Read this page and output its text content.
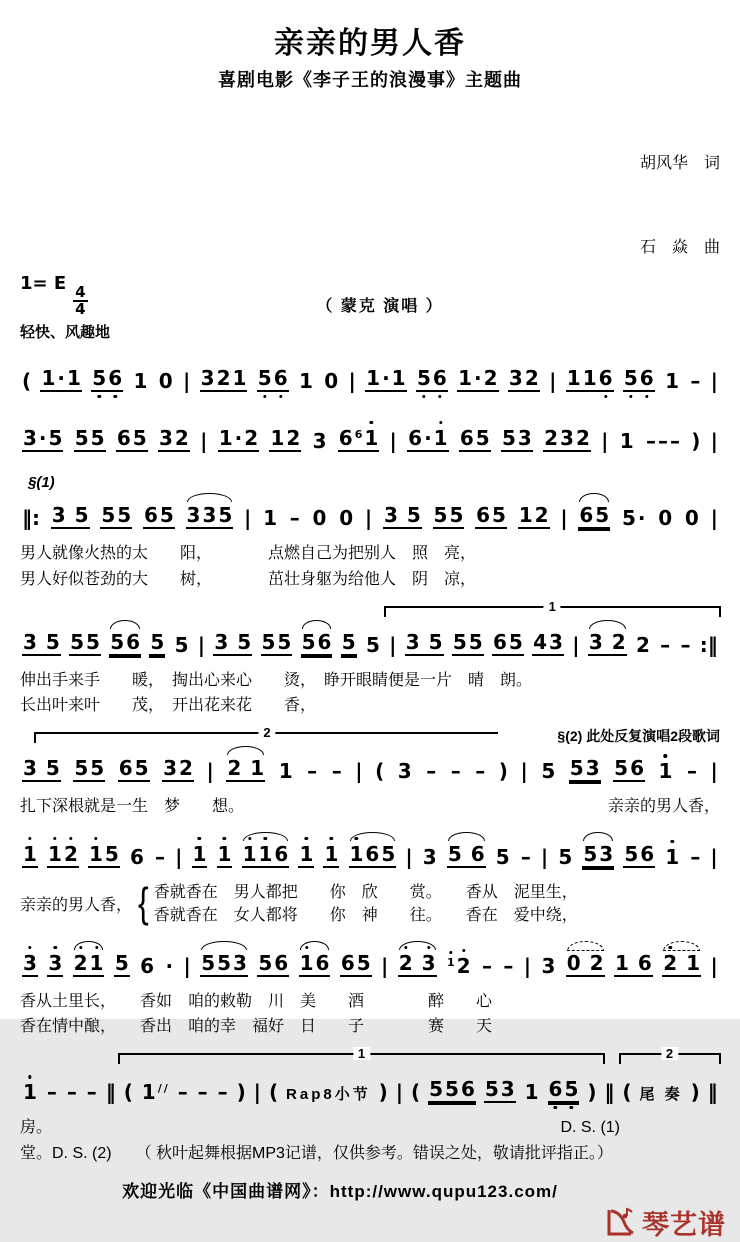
亲亲的男人香
喜剧电影《李子王的浪漫事》主题曲
1= E
$\frac{4}{4}$	（ 蒙克 演唱 ）

胡风华　词

石　焱　曲

轻快、风趣地
( 1 · 1 5 6 1 0 | 3 2 1 5 6 1 0 | 1 · 1 5 6 1 · 2 3 2 | 1 1 6 5 6 1 – |
3 · 5 5 5 6 5 3 2 | 1 · 2 1 2 3 6 6 1 | 6 · 1 6 5 5 3 2 3 2 | 1 – – – ) |
§(1)
‖: 3 5 5 5 6 5 3 3 5 | 1 – 0 0 | 3 5 5 5 6 5 1 2 | 6 5 5 · 0 0 |
男人就像火热的太　　阳，　　　　点燃自己为把别人　照　亮，
男人好似苍劲的大　　树，　　　　茁壮身躯为给他人　阴　凉，
1
3 5 5 5 5 6 5 5 | 3 5 5 5 5 6 5 5 | 3 5 5 5 6 5 4 3 | 3 2 2 – – :‖
伸出手来手　　暖，　掏出心来心　　烫，　睁开眼睛便是一片　晴　朗。
长出叶来叶　　茂，　开出花来花　　香，
2	§(2) 此处反复演唱2段歌词
3 5 5 5 6 5 3 2 | 2 1 1 – – | ( 3 – – – ) | 5 5 3 5 6 1 – |
扎下深根就是一生　梦　　想。	亲亲的男人香，
1 1 2 1 5 6 – | 1 1 1 1 6 1 1 1 6 5 | 3 5 6 5 – | 5 5 3 5 6 1 – |
亲亲的男人香， { 香就香在　男人都把　　你　欣　　赏。　　香从　泥里生，
香就香在　女人都将　　你　神　　往。　　香在　爱中绕，
3 3 2 1 5 6 · | 5 5 3 5 6 1 6 6 5 | 2 3 1 2 – – | 3 0 2 1 6 2 1 |
香从土里长，　　香如　咱的敕勒　川　美　　酒　　　　醉　　心
香在情中酿，　　香出　咱的幸　福好　日　　子　　　　赛　　天
1	2
1 – – – ‖ ( 1 / / – – – ) | ( Rap8小节 ) | ( 5 5 6 5 3 1 6 5 ) ‖ ( 尾 奏 ) ‖
房。	D. S. (1)
堂。D. S. (2)　　（ 秋叶起舞根据MP3记谱，仅供参考。错误之处，敬请批评指正。）
欢迎光临《中国曲谱网》：http://www.qupu123.com/
琴艺谱
